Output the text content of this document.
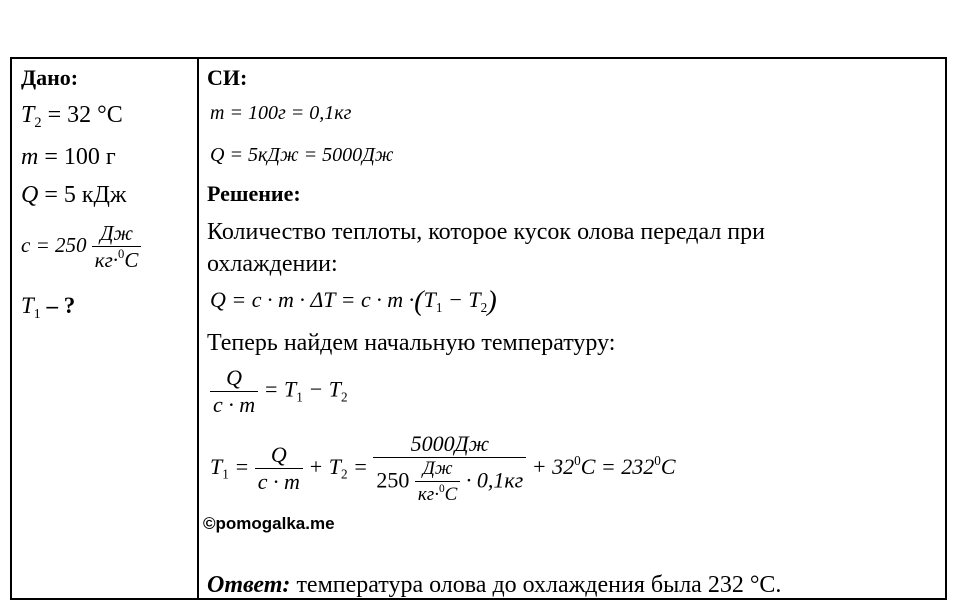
Дано:
$T_2 = 32$ °С
m = 100 г
Q = 5 кДж
$c = 250 \frac{Дж}{кг\cdot^0С}$
$T_1$ – ?
СИ:
m = 100г = 0,1кг
Q = 5кДж = 5000Дж
Решение:
Количество теплоты, которое кусок олова передал при
охлаждении:
$Q = c \cdot m \cdot \Delta T = c \cdot m \cdot(T_1 - T_2)$
Теперь найдем начальную температуру:
$\frac{Q}{c \cdot m} = T_1 - T_2$
$T_1 = \frac{Q}{c \cdot m} + T_2$ =
5000Дж
$250 \frac{Дж}{кг\cdot^0С} \cdot 0,1кг$
+ $32^0C = 232^0C$
©pomogalka.me
Ответ: температура олова до охлаждения была 232 °С.
